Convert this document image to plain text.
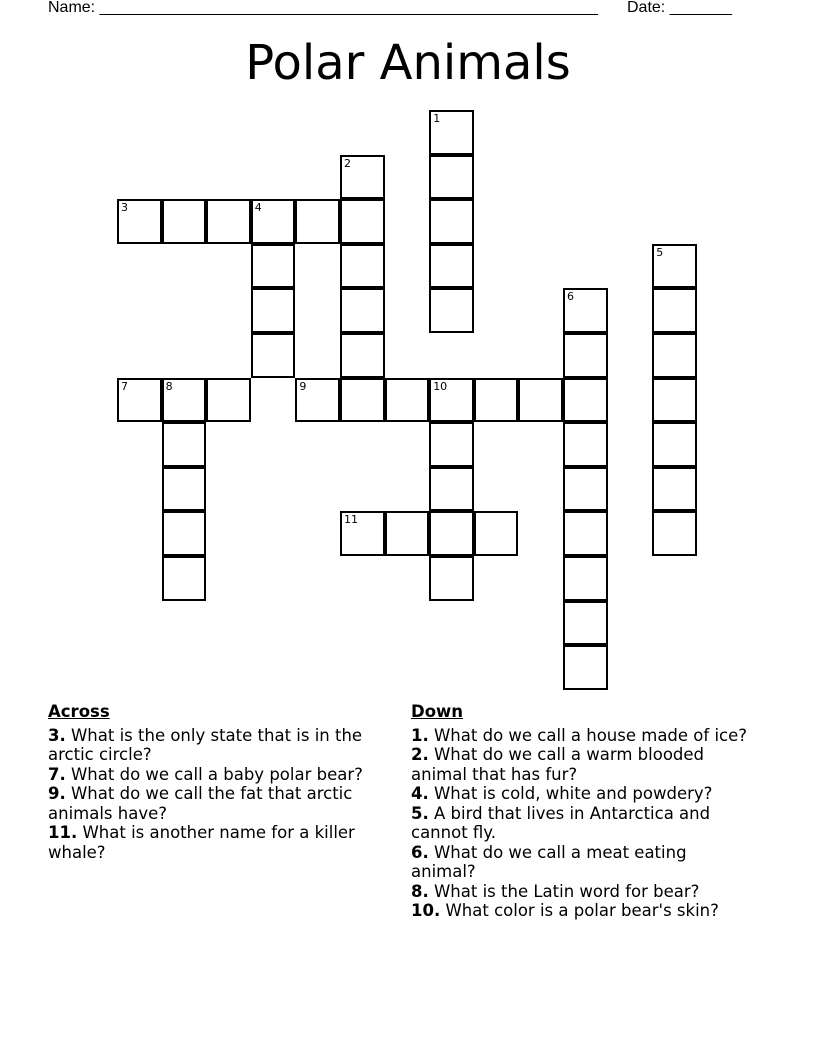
Name: ________________________________________________________ Date: _______
Polar Animals
1
2
3	4
5
6
7	8	9	10
11
Across
3. What is the only state that is in the arctic circle?
7. What do we call a baby polar bear?
9. What do we call the fat that arctic animals have?
11. What is another name for a killer whale?
Down
1. What do we call a house made of ice?
2. What do we call a warm blooded animal that has fur?
4. What is cold, white and powdery?
5. A bird that lives in Antarctica and cannot fly.
6. What do we call a meat eating animal?
8. What is the Latin word for bear?
10. What color is a polar bear's skin?
